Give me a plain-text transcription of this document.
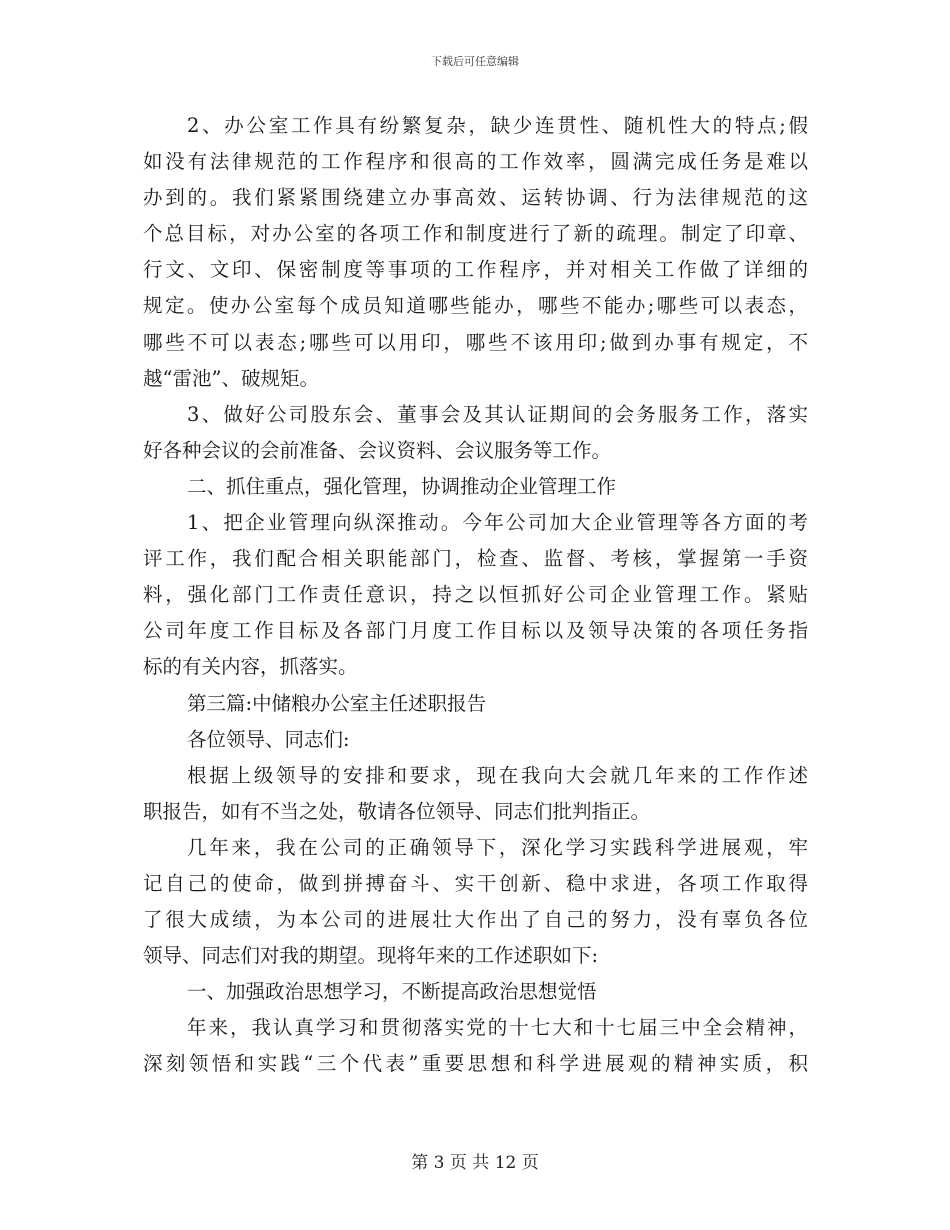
下载后可任意编辑
2、办公室工作具有纷繁复杂，缺少连贯性、随机性大的特点;假
如没有法律规范的工作程序和很高的工作效率，圆满完成任务是难以
办到的。我们紧紧围绕建立办事高效、运转协调、行为法律规范的这
个总目标，对办公室的各项工作和制度进行了新的疏理。制定了印章、
行文、文印、保密制度等事项的工作程序，并对相关工作做了详细的
规定。使办公室每个成员知道哪些能办，哪些不能办;哪些可以表态，
哪些不可以表态;哪些可以用印，哪些不该用印;做到办事有规定，不
越“雷池”、破规矩。
3、做好公司股东会、董事会及其认证期间的会务服务工作，落实
好各种会议的会前准备、会议资料、会议服务等工作。
二、抓住重点，强化管理，协调推动企业管理工作
1、把企业管理向纵深推动。今年公司加大企业管理等各方面的考
评工作，我们配合相关职能部门，检查、监督、考核，掌握第一手资
料，强化部门工作责任意识，持之以恒抓好公司企业管理工作。紧贴
公司年度工作目标及各部门月度工作目标以及领导决策的各项任务指
标的有关内容，抓落实。
第三篇:中储粮办公室主任述职报告
各位领导、同志们:
根据上级领导的安排和要求，现在我向大会就几年来的工作作述
职报告，如有不当之处，敬请各位领导、同志们批判指正。
几年来，我在公司的正确领导下，深化学习实践科学进展观，牢
记自己的使命，做到拼搏奋斗、实干创新、稳中求进，各项工作取得
了很大成绩，为本公司的进展壮大作出了自己的努力，没有辜负各位
领导、同志们对我的期望。现将年来的工作述职如下:
一、加强政治思想学习，不断提高政治思想觉悟
年来，我认真学习和贯彻落实党的十七大和十七届三中全会精神，
深刻领悟和实践“三个代表”重要思想和科学进展观的精神实质，积
第 3 页 共 12 页
